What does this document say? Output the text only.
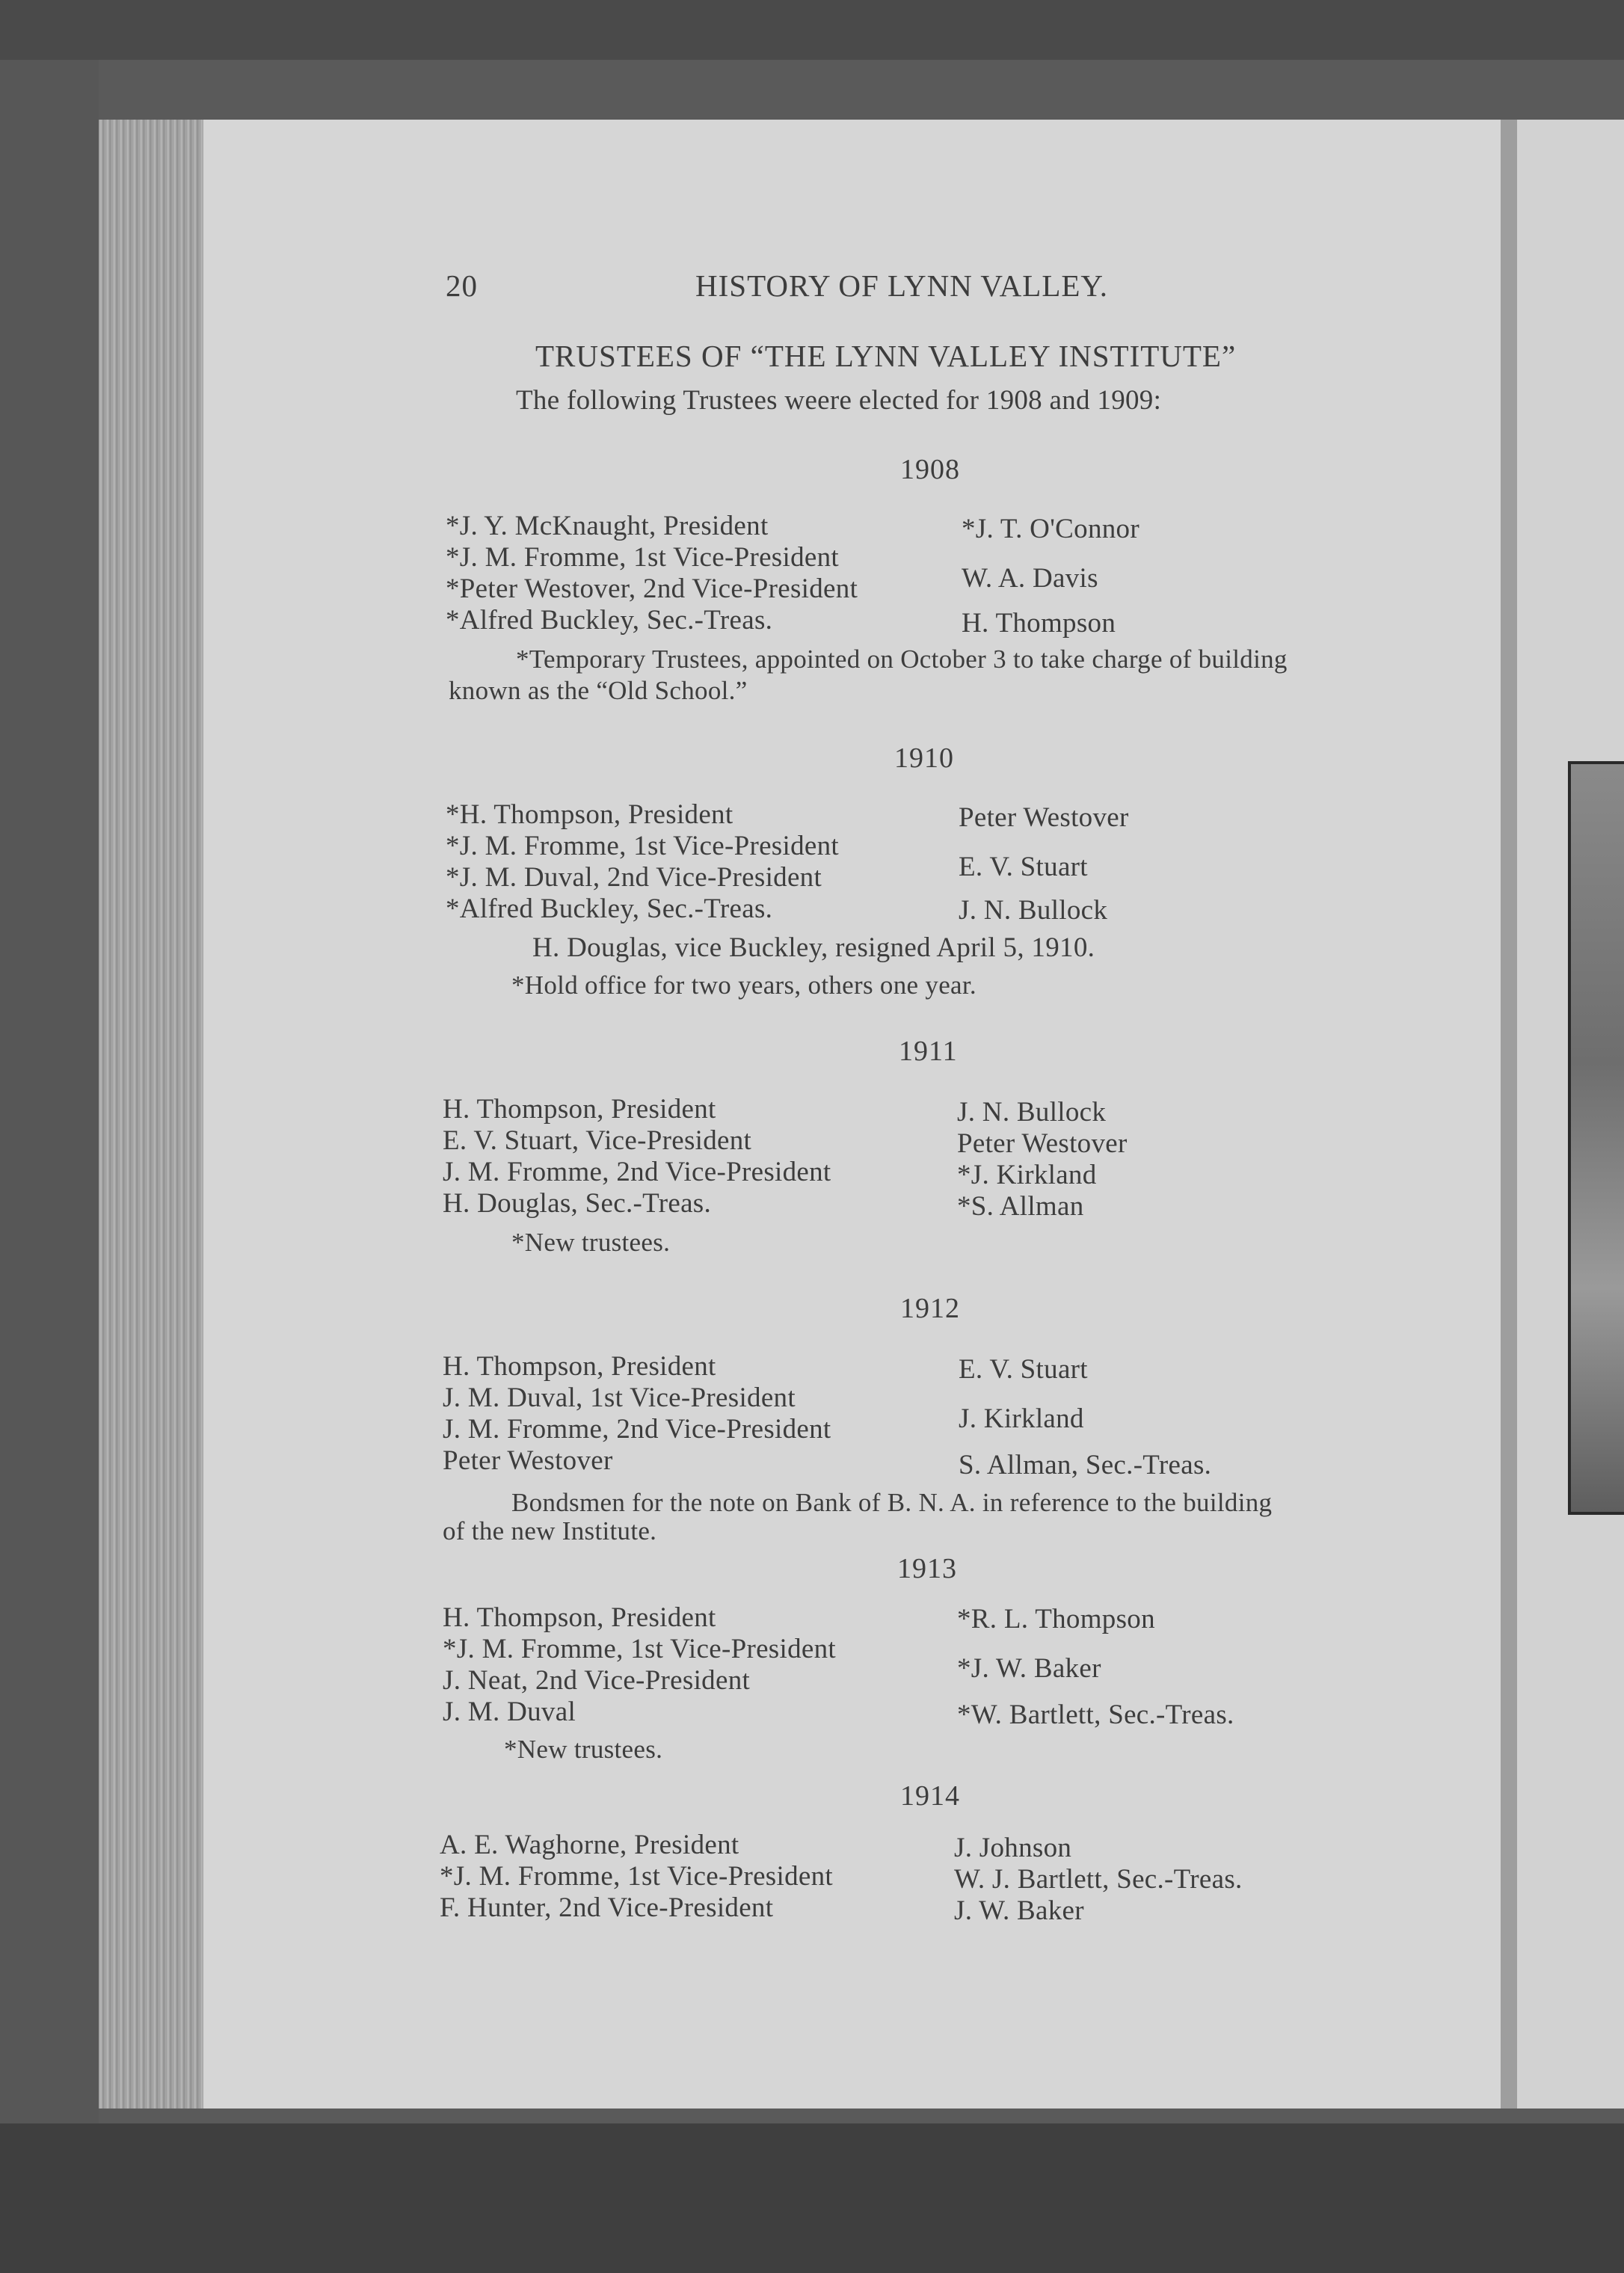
20	HISTORY OF LYNN VALLEY.
TRUSTEES OF “THE LYNN VALLEY INSTITUTE”
The following Trustees weere elected for 1908 and 1909:
1908
*J. Y. McKnaught, President
*J. M. Fromme, 1st Vice-President
*Peter Westover, 2nd Vice-President
*Alfred Buckley, Sec.-Treas.
*J. T. O'Connor
W. A. Davis
H. Thompson
*Temporary Trustees, appointed on October 3 to take charge of building
known as the “Old School.”
1910
*H. Thompson, President
*J. M. Fromme, 1st Vice-President
*J. M. Duval, 2nd Vice-President
*Alfred Buckley, Sec.-Treas.
Peter Westover
E. V. Stuart
J. N. Bullock
H. Douglas, vice Buckley, resigned April 5, 1910.
*Hold office for two years, others one year.
1911
H. Thompson, President
E. V. Stuart, Vice-President
J. M. Fromme, 2nd Vice-President
H. Douglas, Sec.-Treas.
J. N. Bullock
Peter Westover
*J. Kirkland
*S. Allman
*New trustees.
1912
H. Thompson, President
J. M. Duval, 1st Vice-President
J. M. Fromme, 2nd Vice-President
Peter Westover
E. V. Stuart
J. Kirkland
S. Allman, Sec.-Treas.
Bondsmen for the note on Bank of B. N. A. in reference to the building
of the new Institute.
1913
H. Thompson, President
*J. M. Fromme, 1st Vice-President
J. Neat, 2nd Vice-President
J. M. Duval
*R. L. Thompson
*J. W. Baker
*W. Bartlett, Sec.-Treas.
*New trustees.
1914
A. E. Waghorne, President
*J. M. Fromme, 1st Vice-President
F. Hunter, 2nd Vice-President
J. Johnson
W. J. Bartlett, Sec.-Treas.
J. W. Baker
